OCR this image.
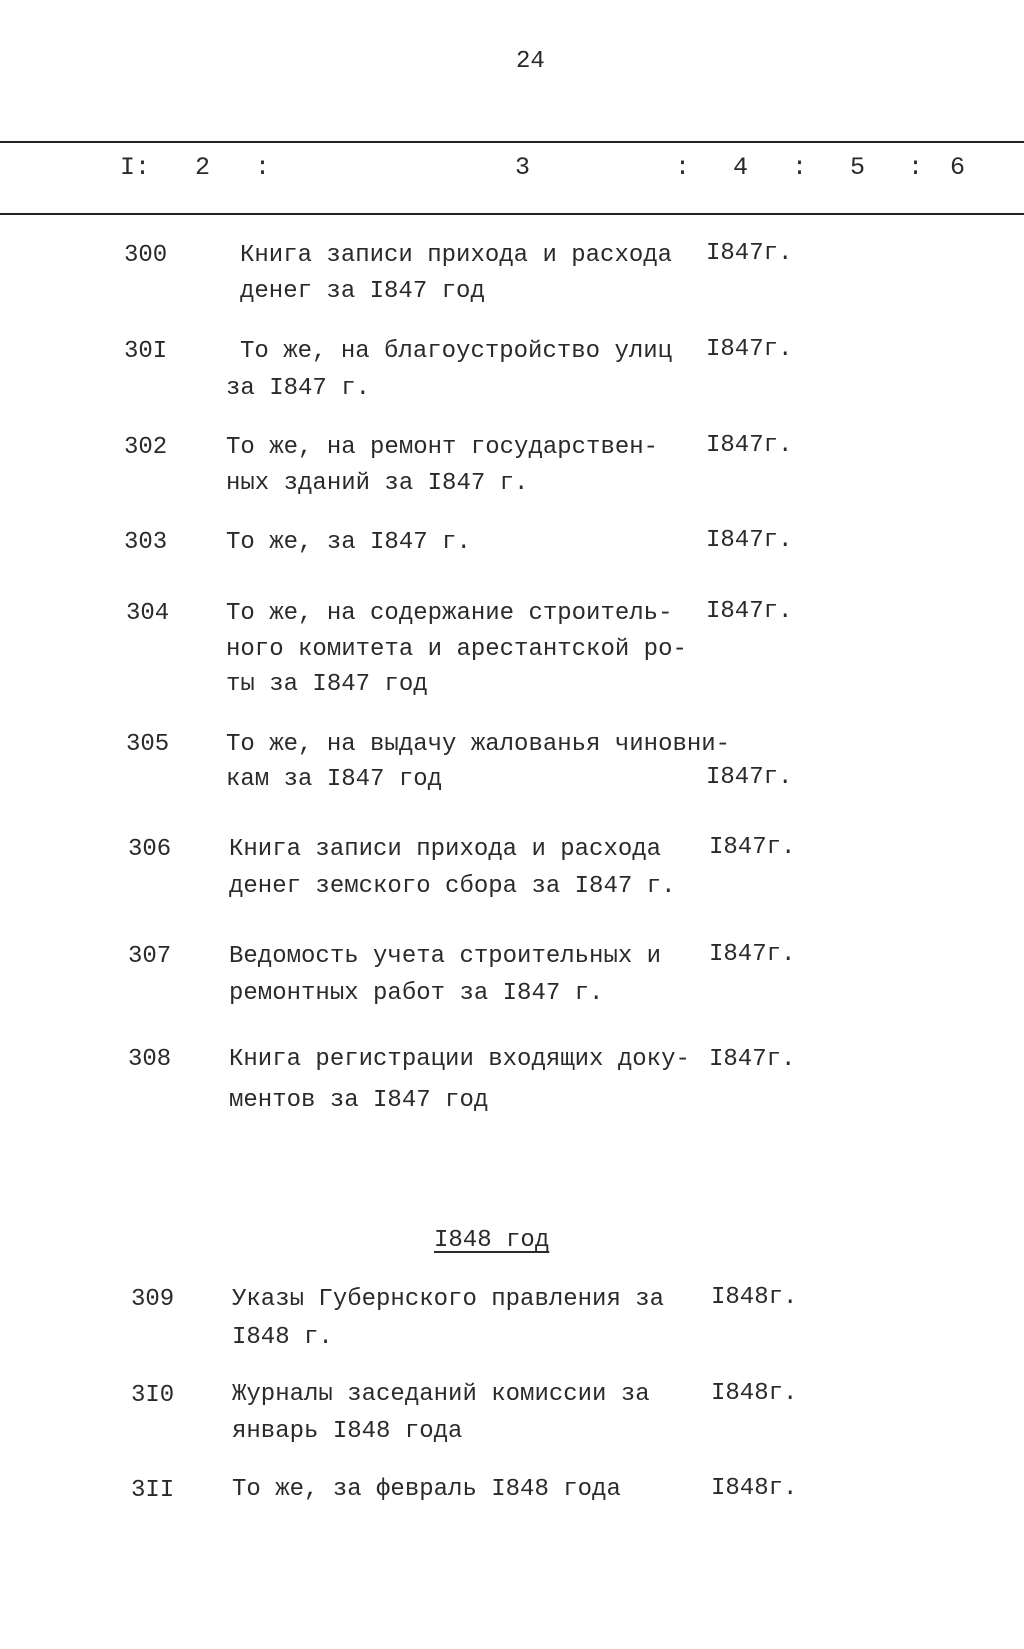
24
I: 2 :	3	: 4 : 5 : 6
300	Книга записи прихода и расхода
денег за I847 год
I847г.
30I	То же, на благоустройство улиц
за I847 г.
I847г.
302 То же, на ремонт государствен-
ных зданий за I847 г.
I847г.
303 То же, за I847 г.	I847г.
304 То же, на содержание строитель-
ного комитета и арестантской ро-
ты за I847 год
I847г.
305 То же, на выдачу жалованья чиновни-
кам за I847 год	I847г.
306 Книга записи прихода и расхода
денег земского сбора за I847 г.
I847г.
307 Ведомость учета строительных и
ремонтных работ за I847 г.
I847г.
308 Книга регистрации входящих доку-
ментов за I847 год
I847г.
I848 год
309 Указы Губернского правления за
I848 г.
I848г.
3I0 Журналы заседаний комиссии за
январь I848 года
I848г.
3II То же, за февраль I848 года	I848г.
